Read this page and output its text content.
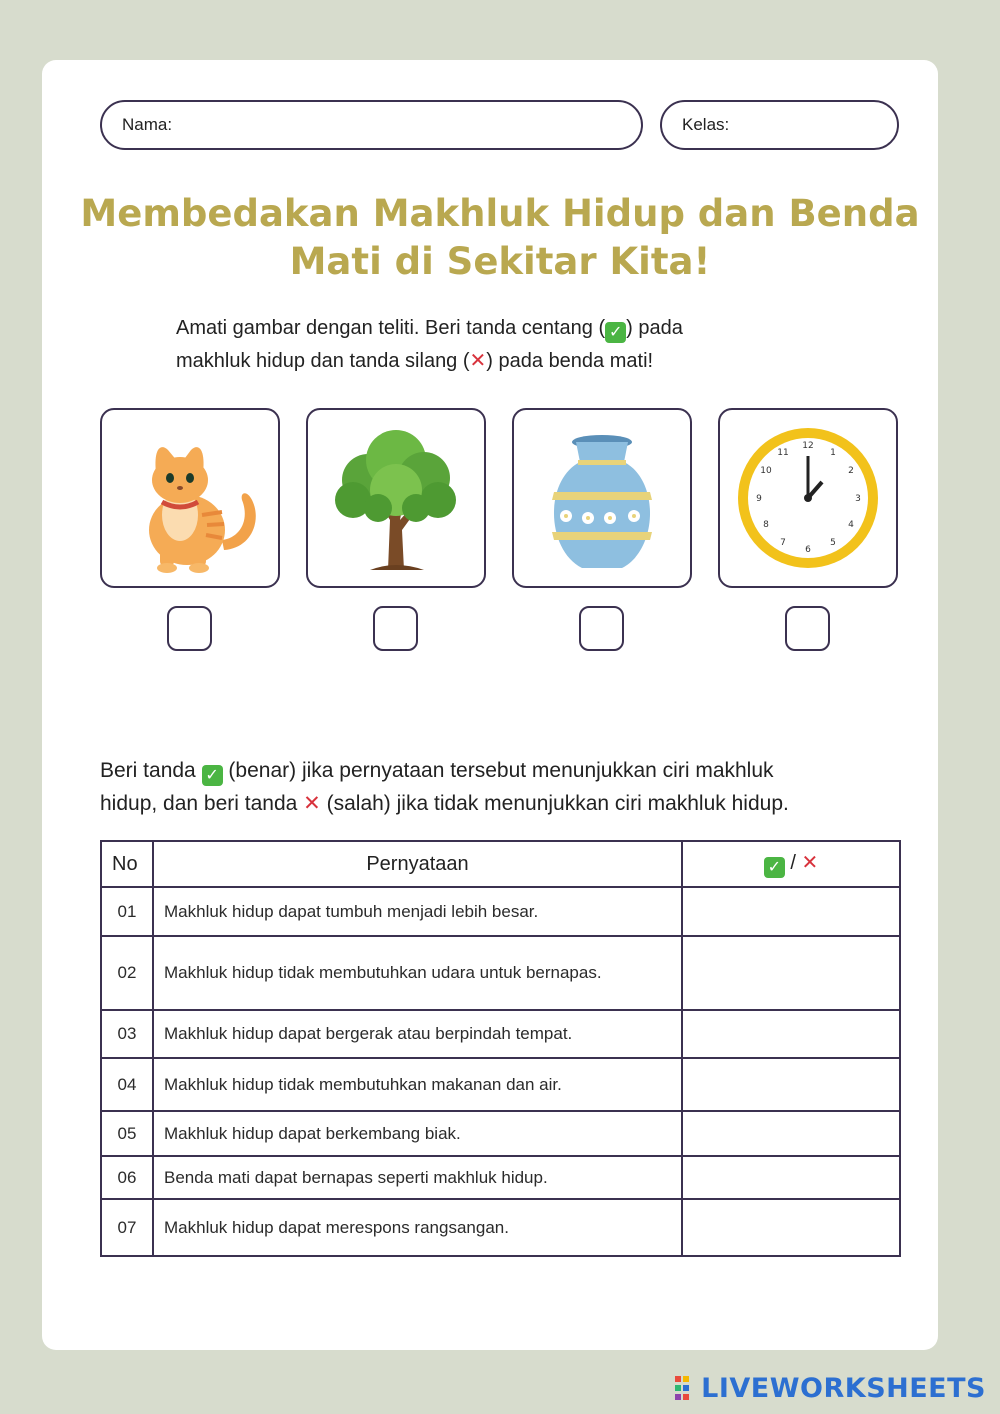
Nama:	Kelas:
Membedakan Makhluk Hidup dan Benda
Mati di Sekitar Kita!
Amati gambar dengan teliti. Beri tanda centang ( ✓ ) pada
makhluk hidup dan tanda silang (✕) pada benda mati!
12
1
2
3
4
5
6
7
8
9
10
11
Beri tanda ✓ (benar) jika pernyataan tersebut menunjukkan ciri makhluk
hidup, dan beri tanda ✕ (salah) jika tidak menunjukkan ciri makhluk hidup.
No	Pernyataan	✓ / ✕
01	Makhluk hidup dapat tumbuh menjadi lebih besar.	
02	Makhluk hidup tidak membutuhkan udara untuk bernapas.	
03	Makhluk hidup dapat bergerak atau berpindah tempat.	
04	Makhluk hidup tidak membutuhkan makanan dan air.	
05	Makhluk hidup dapat berkembang biak.	
06	Benda mati dapat bernapas seperti makhluk hidup.	
07	Makhluk hidup dapat merespons rangsangan.	
LIVEWORKSHEETS
